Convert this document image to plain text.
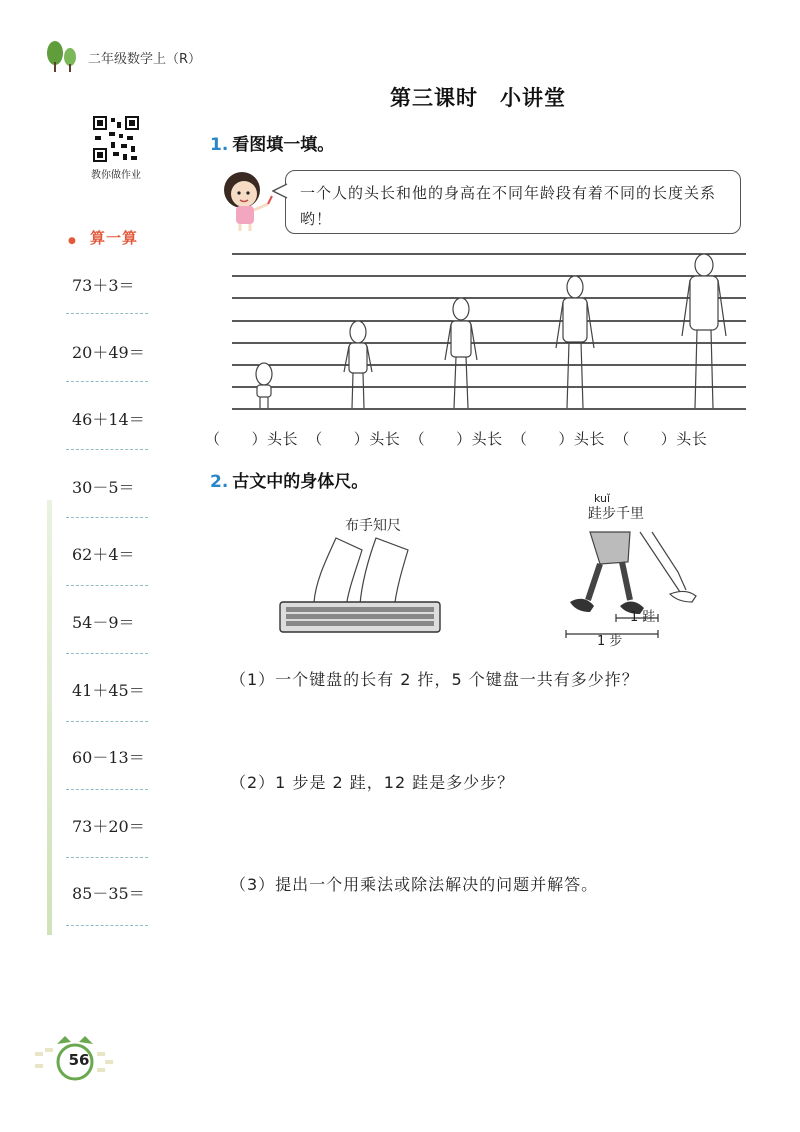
二年级数学上（R）
教你做作业
● 算一算
73＋3＝
20＋49＝
46＋14＝
30－5＝
62＋4＝
54－9＝
41＋45＝
60－13＝
73＋20＝
85－35＝
第三课时　小讲堂
1. 看图填一填。
一个人的头长和他的身高在不同年龄段有着不同的长度关系哟！
（　　）头长 （　　）头长 （　　）头长 （　　）头长 （　　）头长
2. 古文中的身体尺。
布手知尺
kuǐ
跬步千里
1 跬
1 步
（1）一个键盘的长有 2 拃，5 个键盘一共有多少拃？
（2）1 步是 2 跬，12 跬是多少步？
（3）提出一个用乘法或除法解决的问题并解答。
56
